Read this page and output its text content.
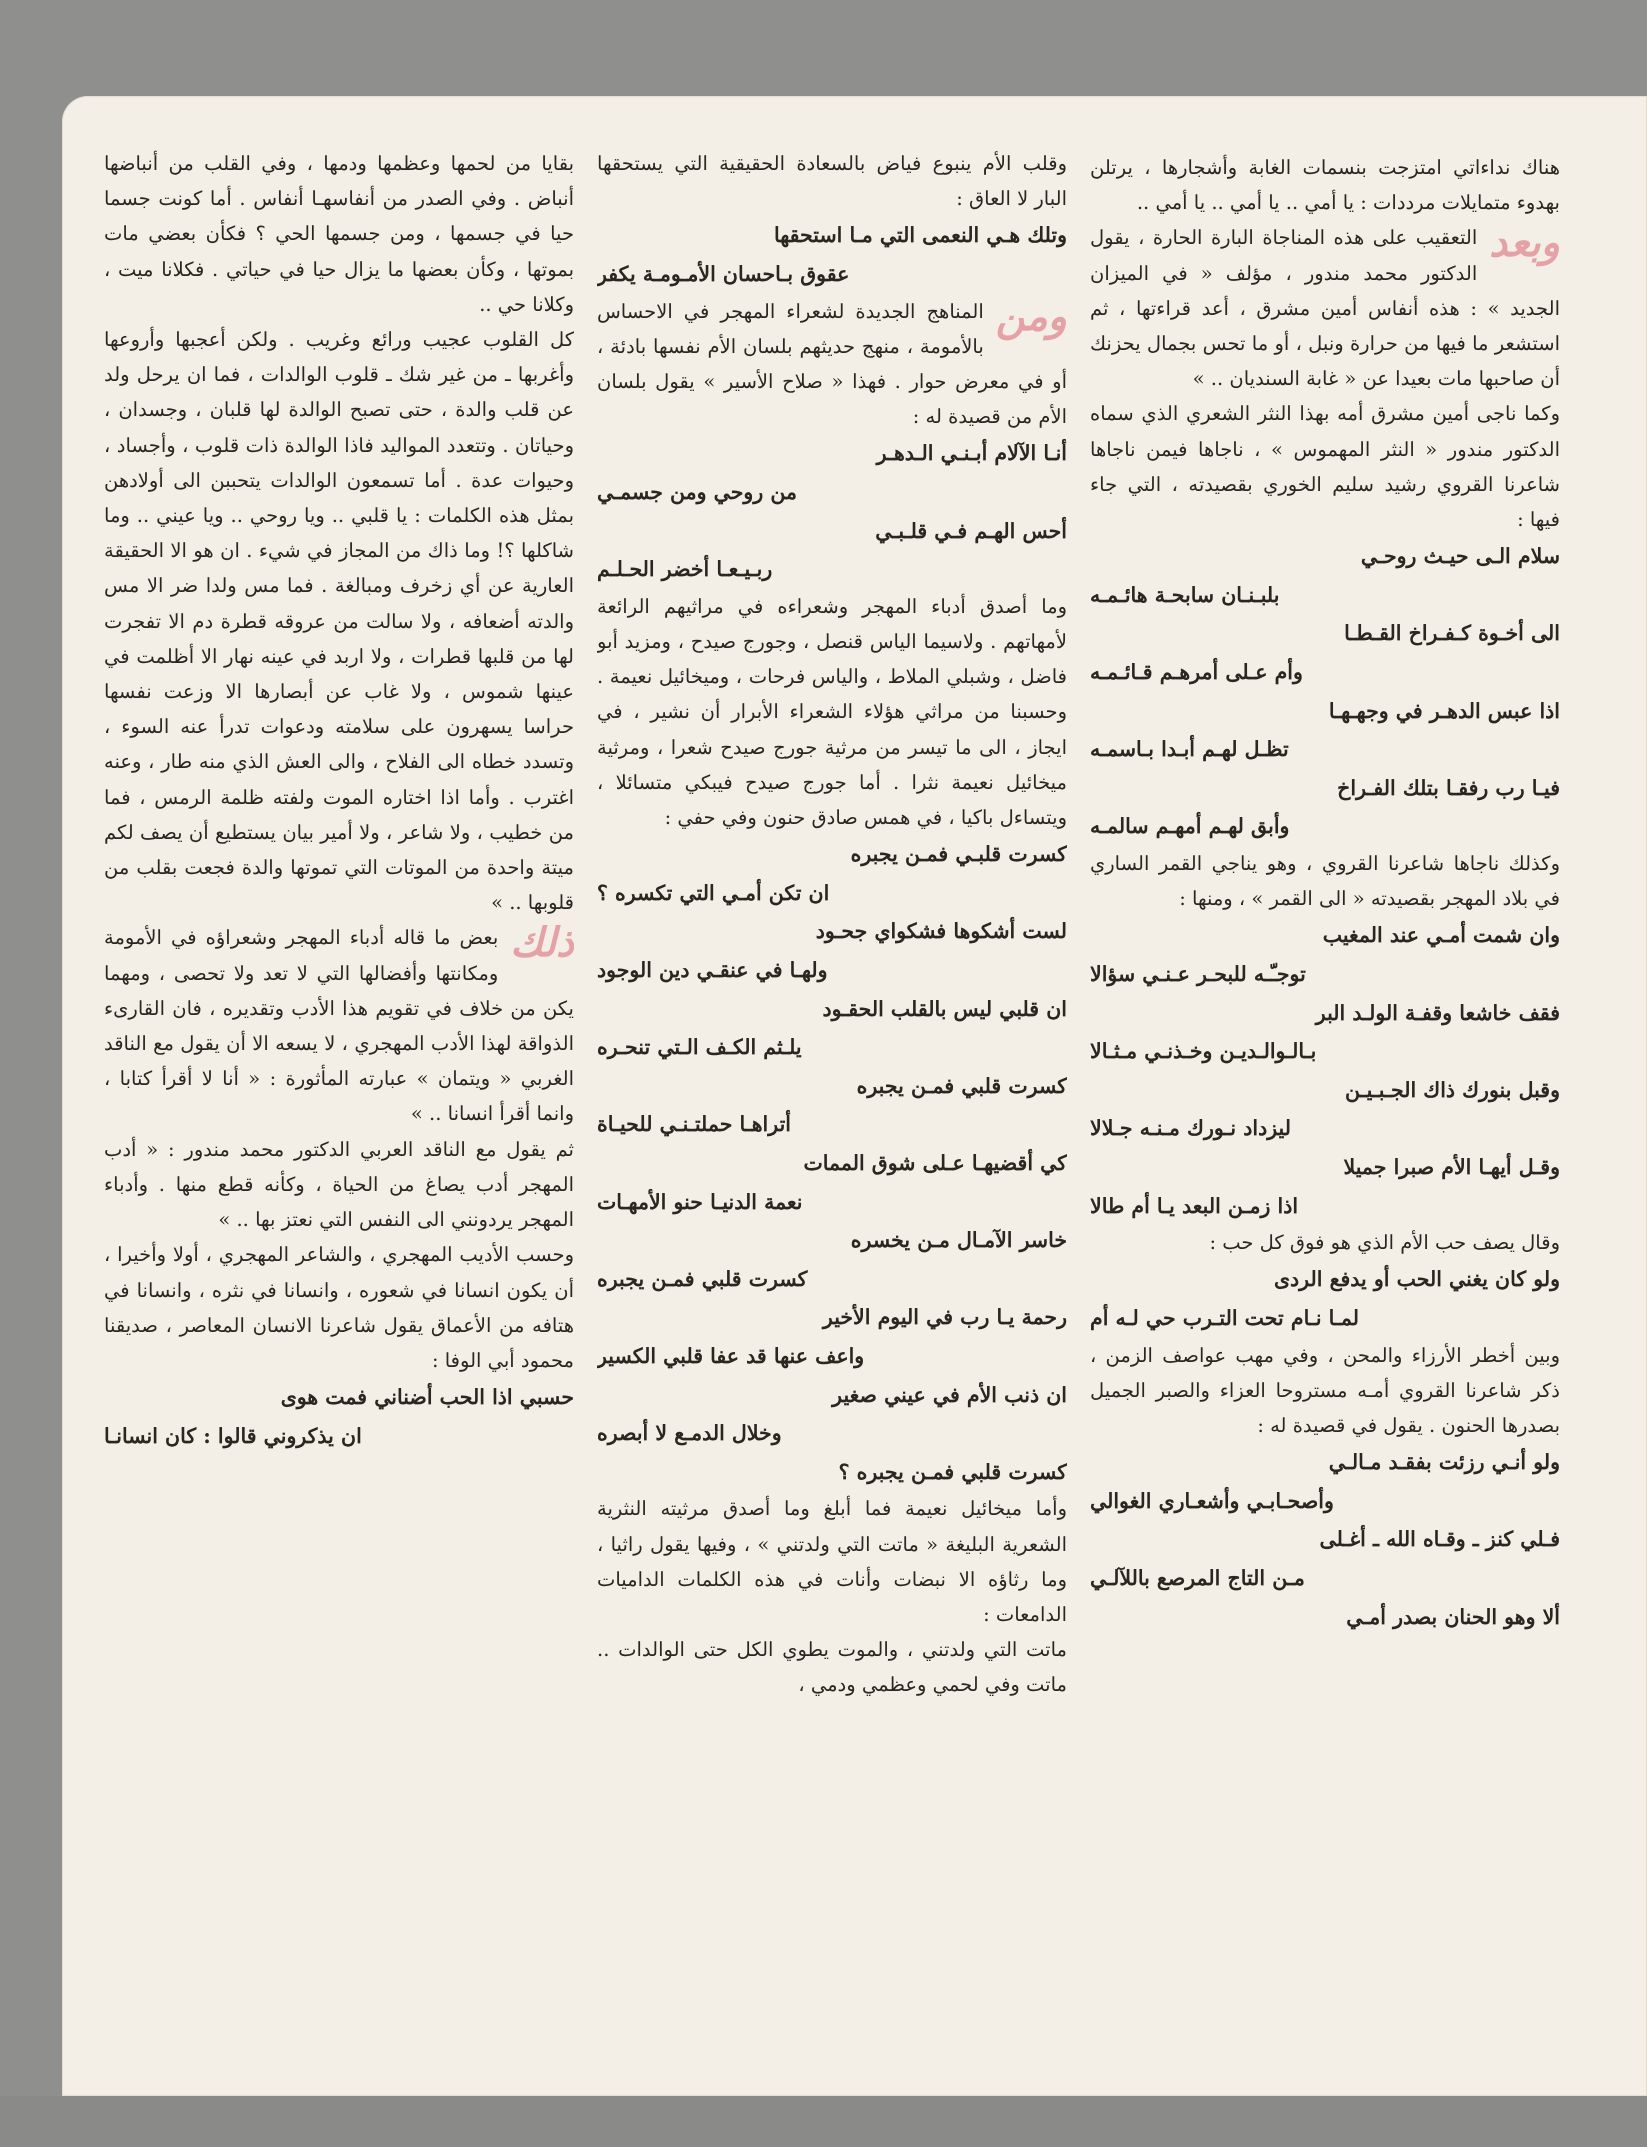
هناك نداءاتي امتزجت بنسمات الغابة وأشجارها ، يرتلن بهدوء متمايلات مرددات : يا أمي .. يا أمي .. يا أمي ..

وبعد
التعقيب على هذه المناجاة البارة الحارة ، يقول الدكتور محمد مندور ، مؤلف « في الميزان الجديد » : هذه أنفاس أمين مشرق ، أعد قراءتها ، ثم استشعر ما فيها من حرارة ونبل ، أو ما تحس بجمال يحزنك أن صاحبها مات بعيدا عن « غابة السنديان .. »

وكما ناجى أمين مشرق أمه بهذا النثر الشعري الذي سماه الدكتور مندور « النثر المهموس » ، ناجاها فيمن ناجاها شاعرنا القروي رشيد سليم الخوري بقصيدته ، التي جاء فيها :

سلام الـى حيـث روحـي
بلبـنـان سابحـة هائـمـه
الى أخـوة كـفـراخ القـطـا
وأم عـلى أمرهـم قـائـمـه
اذا عبس الدهـر في وجهـهـا
تظـل لهـم أبـدا بـاسمـه
فيـا رب رفقـا بتلك الفـراخ
وأبق لهـم أمهـم سالمـه

وكذلك ناجاها شاعرنا القروي ، وهو يناجي القمر الساري في بلاد المهجر بقصيدته « الى القمر » ، ومنها :

وان شمت أمـي عند المغيب
توجـّـه للبحـر عـنـي سؤالا
فقف خاشعا وقفـة الولـد البر
بـالـوالـديـن وخـذنـي مـثـالا
وقبل بنورك ذاك الجـبـيـن
ليزداد نـورك مـنـه جـلالا
وقـل أيهـا الأم صبرا جميلا
اذا زمـن البعد يـا أم طالا

وقال يصف حب الأم الذي هو فوق كل حب :

ولو كان يغني الحب أو يدفع الردى
لمـا نـام تحت التـرب حي لـه أم

وبين أخطر الأرزاء والمحن ، وفي مهب عواصف الزمن ، ذكر شاعرنا القروي أمـه مستروحا العزاء والصبر الجميل بصدرها الحنون . يقول في قصيدة له :

ولو أنـي رزئت بفقـد مـالـي
وأصحـابـي وأشعـاري الغوالي
فـلي كنز ـ وقـاه الله ـ أغـلى
مـن التاج المرصع باللآلـي
ألا وهو الحنان بصدر أمـي

وقلب الأم ينبوع فياض بالسعادة الحقيقية التي يستحقها البار لا العاق :

وتلك هـي النعمى التي مـا استحقها
عقوق بـاحسان الأمـومـة يكفر

ومن
المناهج الجديدة لشعراء المهجر في الاحساس بالأمومة ، منهج حديثهم بلسان الأم نفسها بادئة ، أو في معرض حوار . فهذا « صلاح الأسير » يقول بلسان الأم من قصيدة له :

أنـا الآلام أبـنـي الـدهـر
من روحي ومن جسمـي
أحس الهـم فـي قلـبـي
ربـيـعـا أخضر الحـلـم

وما أصدق أدباء المهجر وشعراءه في مراثيهم الرائعة لأمهاتهم . ولاسيما الياس قنصل ، وجورج صيدح ، ومزيد أبو فاضل ، وشبلي الملاط ، والياس فرحات ، وميخائيل نعيمة . وحسبنا من مراثي هؤلاء الشعراء الأبرار أن نشير ، في ايجاز ، الى ما تيسر من مرثية جورج صيدح شعرا ، ومرثية ميخائيل نعيمة نثرا . أما جورج صيدح فيبكي متسائلا ، ويتساءل باكيا ، في همس صادق حنون وفي حفي :

كسرت قلبـي فمـن يجبره
ان تكن أمـي التي تكسره ؟
لست أشكوها فشكواي جحـود
ولهـا في عنقـي دين الوجود
ان قلبي ليس بالقلب الحقـود
يلـثم الكـف الـتي تنحـره
كسرت قلبي فمـن يجبره
أتراهـا حملتـنـي للحيـاة
كي أقضيهـا عـلى شوق الممات
نعمة الدنيـا حنو الأمهـات
خاسر الآمـال مـن يخسره
كسرت قلبي فمـن يجبره
رحمة يـا رب في اليوم الأخير
واعف عنها قد عفا قلبي الكسير
ان ذنب الأم في عيني صغير
وخلال الدمـع لا أبصره
كسرت قلبي فمـن يجبره ؟

وأما ميخائيل نعيمة فما أبلغ وما أصدق مرثيته النثرية الشعرية البليغة « ماتت التي ولدتني » ، وفيها يقول راثيا ، وما رثاؤه الا نبضات وأنات في هذه الكلمات الداميات الدامعات :

ماتت التي ولدتني ، والموت يطوي الكل حتى الوالدات .. ماتت وفي لحمي وعظمي ودمي ،

بقايا من لحمها وعظمها ودمها ، وفي القلب من أنباضها أنباض . وفي الصدر من أنفاسهـا أنفاس . أما كونت جسما حيا في جسمها ، ومن جسمها الحي ؟ فكأن بعضي مات بموتها ، وكأن بعضها ما يزال حيا في حياتي . فكلانا ميت ، وكلانا حي ..

كل القلوب عجيب ورائع وغريب . ولكن أعجبها وأروعها وأغربها ـ من غير شك ـ قلوب الوالدات ، فما ان يرحل ولد عن قلب والدة ، حتى تصبح الوالدة لها قلبان ، وجسدان ، وحياتان . وتتعدد المواليد فاذا الوالدة ذات قلوب ، وأجساد ، وحيوات عدة . أما تسمعون الوالدات يتحببن الى أولادهن بمثل هذه الكلمات : يا قلبي .. ويا روحي .. ويا عيني .. وما شاكلها ؟! وما ذاك من المجاز في شيء . ان هو الا الحقيقة العارية عن أي زخرف ومبالغة . فما مس ولدا ضر الا مس والدته أضعافه ، ولا سالت من عروقه قطرة دم الا تفجرت لها من قلبها قطرات ، ولا اربد في عينه نهار الا أظلمت في عينها شموس ، ولا غاب عن أبصارها الا وزعت نفسها حراسا يسهرون على سلامته ودعوات تدرأ عنه السوء ، وتسدد خطاه الى الفلاح ، والى العش الذي منه طار ، وعنه اغترب . وأما اذا اختاره الموت ولفته ظلمة الرمس ، فما من خطيب ، ولا شاعر ، ولا أمير بيان يستطيع أن يصف لكم ميتة واحدة من الموتات التي تموتها والدة فجعت بقلب من قلوبها .. »

ذلك
بعض ما قاله أدباء المهجر وشعراؤه في الأمومة ومكانتها وأفضالها التي لا تعد ولا تحصى ، ومهما يكن من خلاف في تقويم هذا الأدب وتقديره ، فان القارىء الذواقة لهذا الأدب المهجري ، لا يسعه الا أن يقول مع الناقد الغربي « ويتمان » عبارته المأثورة : « أنا لا أقرأ كتابا ، وانما أقرأ انسانا .. »

ثم يقول مع الناقد العربي الدكتور محمد مندور : « أدب المهجر أدب يصاغ من الحياة ، وكأنه قطع منها . وأدباء المهجر يردونني الى النفس التي نعتز بها .. »

وحسب الأديب المهجري ، والشاعر المهجري ، أولا وأخيرا ، أن يكون انسانا في شعوره ، وانسانا في نثره ، وانسانا في هتافه من الأعماق يقول شاعرنا الانسان المعاصر ، صديقنا محمود أبي الوفا :

حسبي اذا الحب أضناني فمت هوى
ان يذكروني قالوا : كان انسانـا
